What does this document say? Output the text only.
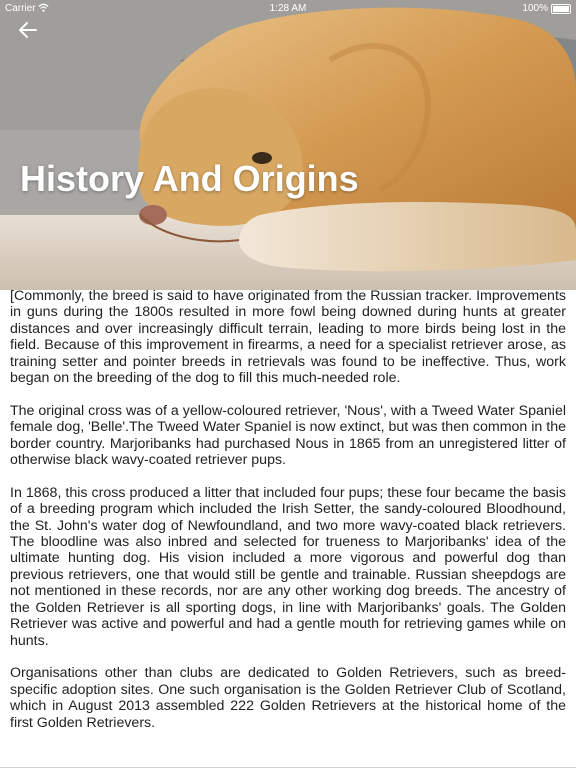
Carrier	1:28 AM	100%
History And Origins

[Commonly, the breed is said to have originated from the Russian tracker. Improvements in guns during the 1800s resulted in more fowl being downed during hunts at greater distances and over increasingly difficult terrain, leading to more birds being lost in the field. Because of this improvement in firearms, a need for a specialist retriever arose, as training setter and pointer breeds in retrievals was found to be ineffective. Thus, work began on the breeding of the dog to fill this much-needed role.

The original cross was of a yellow-coloured retriever, 'Nous', with a Tweed Water Spaniel female dog, 'Belle'.The Tweed Water Spaniel is now extinct, but was then common in the border country. Marjoribanks had purchased Nous in 1865 from an unregistered litter of otherwise black wavy-coated retriever pups.

In 1868, this cross produced a litter that included four pups; these four became the basis of a breeding program which included the Irish Setter, the sandy-coloured Bloodhound, the St. John's water dog of Newfoundland, and two more wavy-coated black retrievers. The bloodline was also inbred and selected for trueness to Marjoribanks' idea of the ultimate hunting dog. His vision included a more vigorous and powerful dog than previous retrievers, one that would still be gentle and trainable. Russian sheepdogs are not mentioned in these records, nor are any other working dog breeds. The ancestry of the Golden Retriever is all sporting dogs, in line with Marjoribanks' goals. The Golden Retriever was active and powerful and had a gentle mouth for retrieving games while on hunts.

Organisations other than clubs are dedicated to Golden Retrievers, such as breed-specific adoption sites. One such organisation is the Golden Retriever Club of Scotland, which in August 2013 assembled 222 Golden Retrievers at the historical home of the first Golden Retrievers.
